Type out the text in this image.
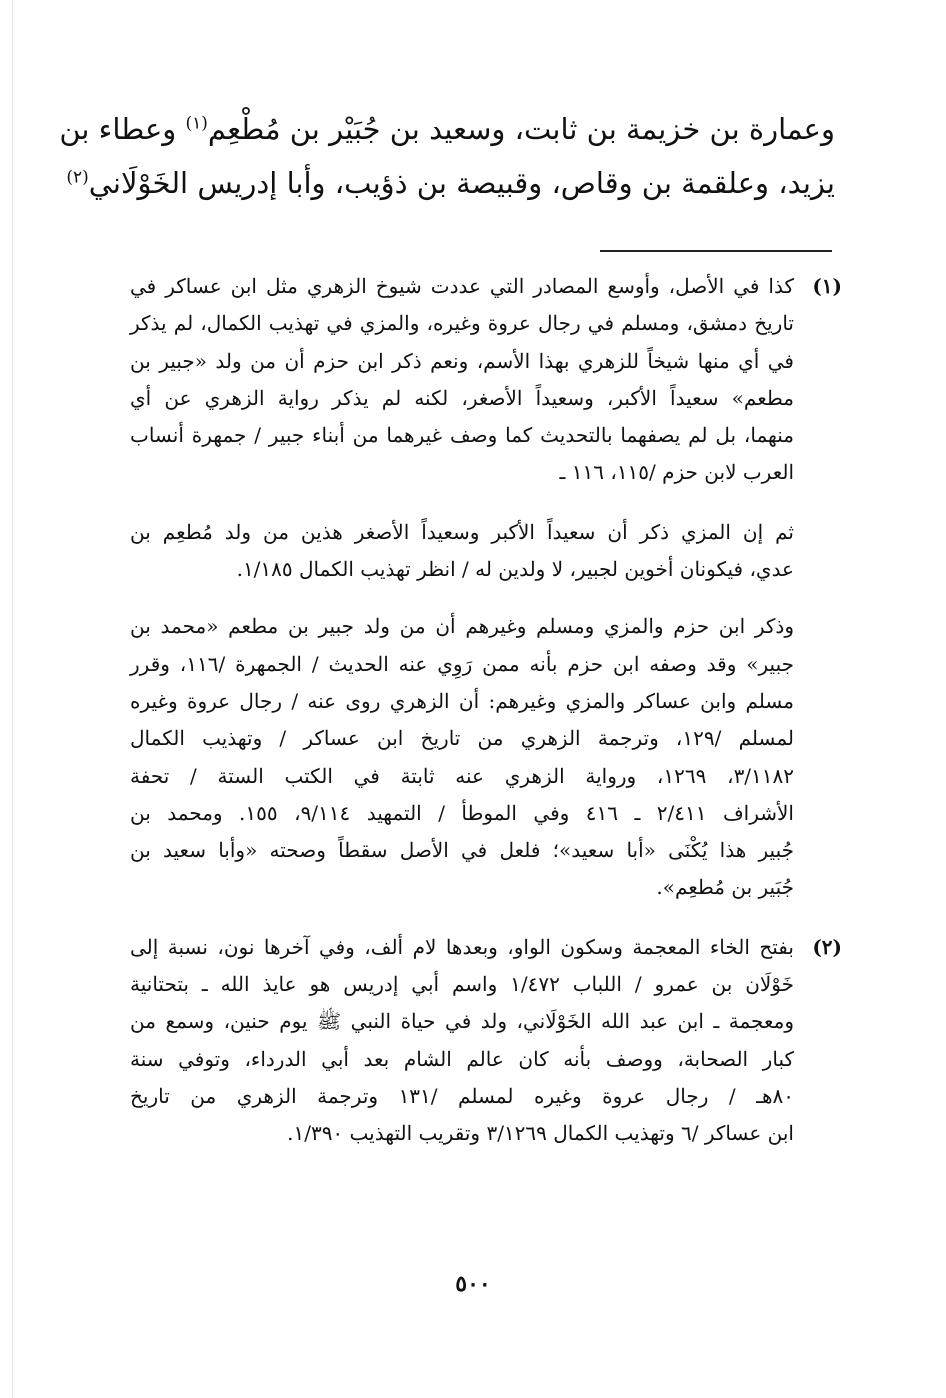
وعمارة بن خزيمة بن ثابت، وسعيد بن جُبَيْر بن مُطْعِم$^{(١)}$ وعطاء بن
يزيد، وعلقمة بن وقاص، وقبيصة بن ذؤيب، وأبا إدريس الخَوْلَاني$^{(٢)}$
(١)
كذا في الأصل، وأوسع المصادر التي عددت شيوخ الزهري مثل ابن عساكر في
تاريخ دمشق، ومسلم في رجال عروة وغيره، والمزي في تهذيب الكمال، لم يذكر
في أي منها شيخاً للزهري بهذا الأسم، ونعم ذكر ابن حزم أن من ولد «جبير بن
مطعم» سعيداً الأكبر، وسعيداً الأصغر، لكنه لم يذكر رواية الزهري عن أي
منهما، بل لم يصفهما بالتحديث كما وصف غيرهما من أبناء جبير / جمهرة أنساب
العرب لابن حزم /١١٥، ١١٦ ـ
ثم إن المزي ذكر أن سعيداً الأكبر وسعيداً الأصغر هذين من ولد مُطعِم بن
عدي، فيكونان أخوين لجبير، لا ولدين له / انظر تهذيب الكمال ١/١٨٥.
وذكر ابن حزم والمزي ومسلم وغيرهم أن من ولد جبير بن مطعم «محمد بن
جبير» وقد وصفه ابن حزم بأنه ممن رَوِي عنه الحديث / الجمهرة /١١٦، وقرر
مسلم وابن عساكر والمزي وغيرهم: أن الزهري روى عنه / رجال عروة وغيره
لمسلم /١٢٩، وترجمة الزهري من تاريخ ابن عساكر / وتهذيب الكمال
٣/١١٨٢، ١٢٦٩، ورواية الزهري عنه ثابتة في الكتب الستة / تحفة
الأشراف ٢/٤١١ ـ ٤١٦ وفي الموطأ / التمهيد ٩/١١٤، ١٥٥. ومحمد بن
جُبير هذا يُكْنَى «أبا سعيد»؛ فلعل في الأصل سقطاً وصحته «وأبا سعيد بن
جُبَير بن مُطعِم».
(٢)
بفتح الخاء المعجمة وسكون الواو، وبعدها لام ألف، وفي آخرها نون، نسبة إلى
خَوْلَان بن عمرو / اللباب ١/٤٧٢ واسم أبي إدريس هو عايذ الله ـ بتحتانية
ومعجمة ـ ابن عبد الله الخَوْلَاني، ولد في حياة النبي ﷺ يوم حنين، وسمع من
كبار الصحابة، ووصف بأنه كان عالم الشام بعد أبي الدرداء، وتوفي سنة
٨٠هـ / رجال عروة وغيره لمسلم /١٣١ وترجمة الزهري من تاريخ
ابن عساكر /٦ وتهذيب الكمال ٣/١٢٦٩ وتقريب التهذيب ١/٣٩٠.
٥٠٠
